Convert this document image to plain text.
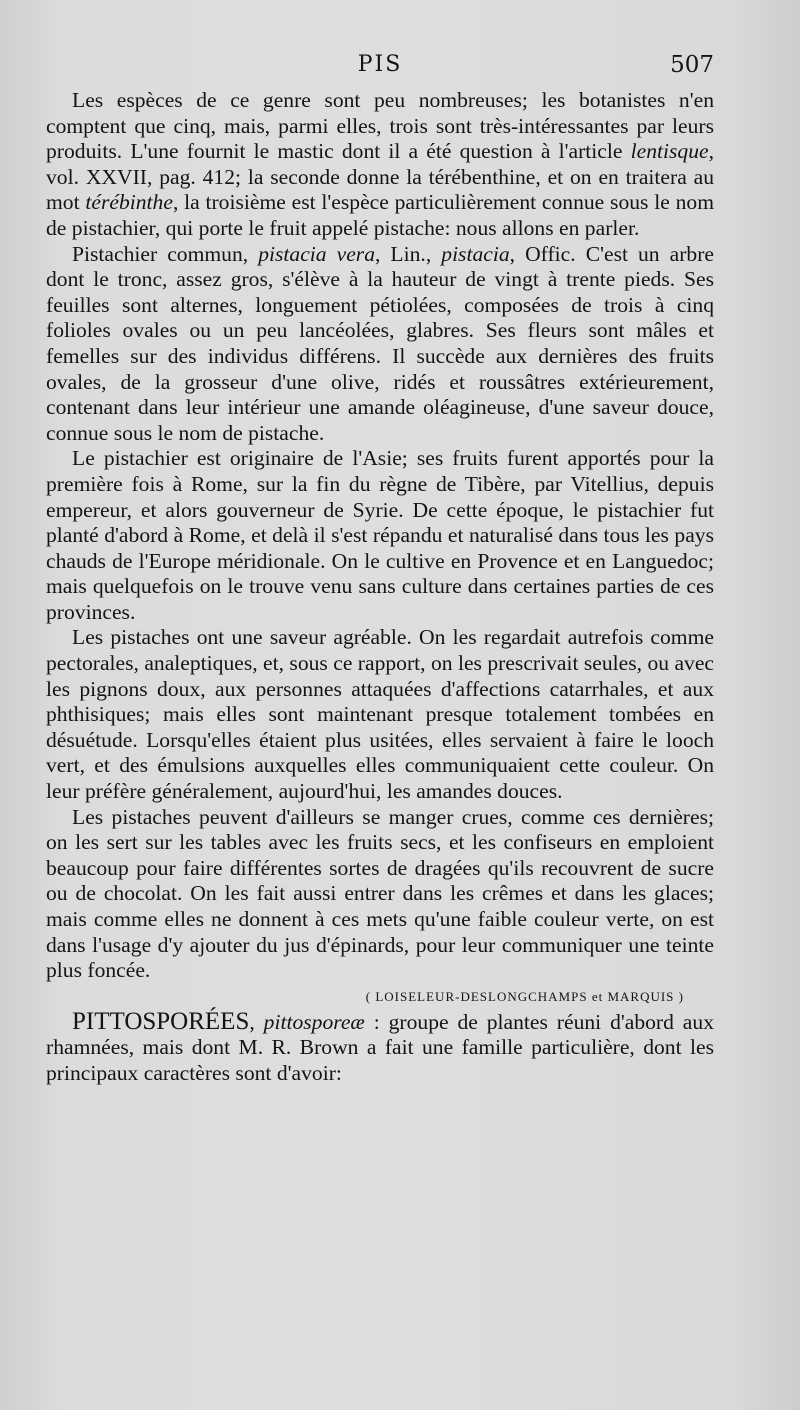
PIS	507

Les espèces de ce genre sont peu nombreuses; les botanistes n'en comptent que cinq, mais, parmi elles, trois sont très-intéressantes par leurs produits. L'une fournit le mastic dont il a été question à l'article lentisque, vol. XXVII, pag. 412; la seconde donne la térébenthine, et on en traitera au mot térébinthe, la troisième est l'espèce particulièrement connue sous le nom de pistachier, qui porte le fruit appelé pistache: nous allons en parler.

Pistachier commun, pistacia vera, Lin., pistacia, Offic. C'est un arbre dont le tronc, assez gros, s'élève à la hauteur de vingt à trente pieds. Ses feuilles sont alternes, longuement pétiolées, composées de trois à cinq folioles ovales ou un peu lancéolées, glabres. Ses fleurs sont mâles et femelles sur des individus différens. Il succède aux dernières des fruits ovales, de la grosseur d'une olive, ridés et roussâtres extérieurement, contenant dans leur intérieur une amande oléagineuse, d'une saveur douce, connue sous le nom de pistache.

Le pistachier est originaire de l'Asie; ses fruits furent apportés pour la première fois à Rome, sur la fin du règne de Tibère, par Vitellius, depuis empereur, et alors gouverneur de Syrie. De cette époque, le pistachier fut planté d'abord à Rome, et delà il s'est répandu et naturalisé dans tous les pays chauds de l'Europe méridionale. On le cultive en Provence et en Languedoc; mais quelquefois on le trouve venu sans culture dans certaines parties de ces provinces.

Les pistaches ont une saveur agréable. On les regardait autrefois comme pectorales, analeptiques, et, sous ce rapport, on les prescrivait seules, ou avec les pignons doux, aux personnes attaquées d'affections catarrhales, et aux phthisiques; mais elles sont maintenant presque totalement tombées en désuétude. Lorsqu'elles étaient plus usitées, elles servaient à faire le looch vert, et des émulsions auxquelles elles communiquaient cette couleur. On leur préfère généralement, aujourd'hui, les amandes douces.

Les pistaches peuvent d'ailleurs se manger crues, comme ces dernières; on les sert sur les tables avec les fruits secs, et les confiseurs en emploient beaucoup pour faire différentes sortes de dragées qu'ils recouvrent de sucre ou de chocolat. On les fait aussi entrer dans les crêmes et dans les glaces; mais comme elles ne donnent à ces mets qu'une faible couleur verte, on est dans l'usage d'y ajouter du jus d'épinards, pour leur communiquer une teinte plus foncée.

( LOISELEUR-DESLONGCHAMPS et MARQUIS )

PITTOSPORÉES, pittosporeæ : groupe de plantes réuni d'abord aux rhamnées, mais dont M. R. Brown a fait une famille particulière, dont les principaux caractères sont d'avoir:
